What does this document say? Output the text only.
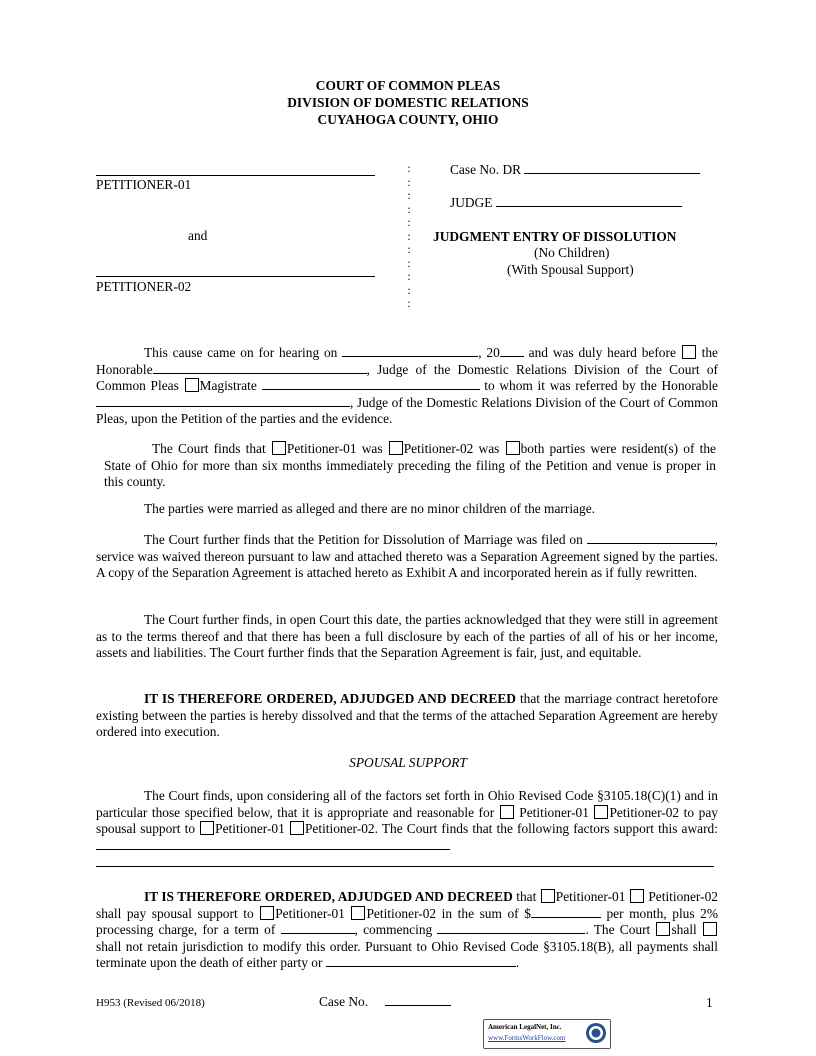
COURT OF COMMON PLEAS
DIVISION OF DOMESTIC RELATIONS
CUYAHOGA COUNTY, OHIO
PETITIONER-01
and
PETITIONER-02
:
:
:
:
:
:
:
:
:
:
:
Case No. DR
JUDGE
JUDGMENT ENTRY OF DISSOLUTION
(No Children)
(With Spousal Support)
This cause came on for hearing on	, 20 and was duly heard before the Honorable	, Judge of the Domestic Relations Division of the Court of Common Pleas Magistrate	to whom it was referred by the Honorable , Judge of the Domestic Relations Division of the Court of Common Pleas, upon the Petition of the parties and the evidence.
The Court finds that Petitioner-01 was Petitioner-02 was both parties were resident(s) of the State of Ohio for more than six months immediately preceding the filing of the Petition and venue is proper in this county.
The parties were married as alleged and there are no minor children of the marriage.
The Court further finds that the Petition for Dissolution of Marriage was filed on	, service was waived thereon pursuant to law and attached thereto was a Separation Agreement signed by the parties. A copy of the Separation Agreement is attached hereto as Exhibit A and incorporated herein as if fully rewritten.
The Court further finds, in open Court this date, the parties acknowledged that they were still in agreement as to the terms thereof and that there has been a full disclosure by each of the parties of all of his or her income, assets and liabilities. The Court further finds that the Separation Agreement is fair, just, and equitable.
IT IS THEREFORE ORDERED, ADJUDGED AND DECREED that the marriage contract heretofore existing between the parties is hereby dissolved and that the terms of the attached Separation Agreement are hereby ordered into execution.
SPOUSAL SUPPORT
The Court finds, upon considering all of the factors set forth in Ohio Revised Code §3105.18(C)(1) and in particular those specified below, that it is appropriate and reasonable for Petitioner-01 Petitioner-02 to pay spousal support to Petitioner-01 Petitioner-02. The Court finds that the following factors support this award:
IT IS THEREFORE ORDERED, ADJUDGED AND DECREED that Petitioner-01 Petitioner-02 shall pay spousal support to Petitioner-01 Petitioner-02 in the sum of $	per month, plus 2% processing charge, for a term of	, commencing	. The Court shall shall not retain jurisdiction to modify this order. Pursuant to Ohio Revised Code §3105.18(B), all payments shall terminate upon the death of either party or	.
H953 (Revised 06/2018)	Case No.	1
American LegalNet, Inc.
www.FormsWorkFlow.com
